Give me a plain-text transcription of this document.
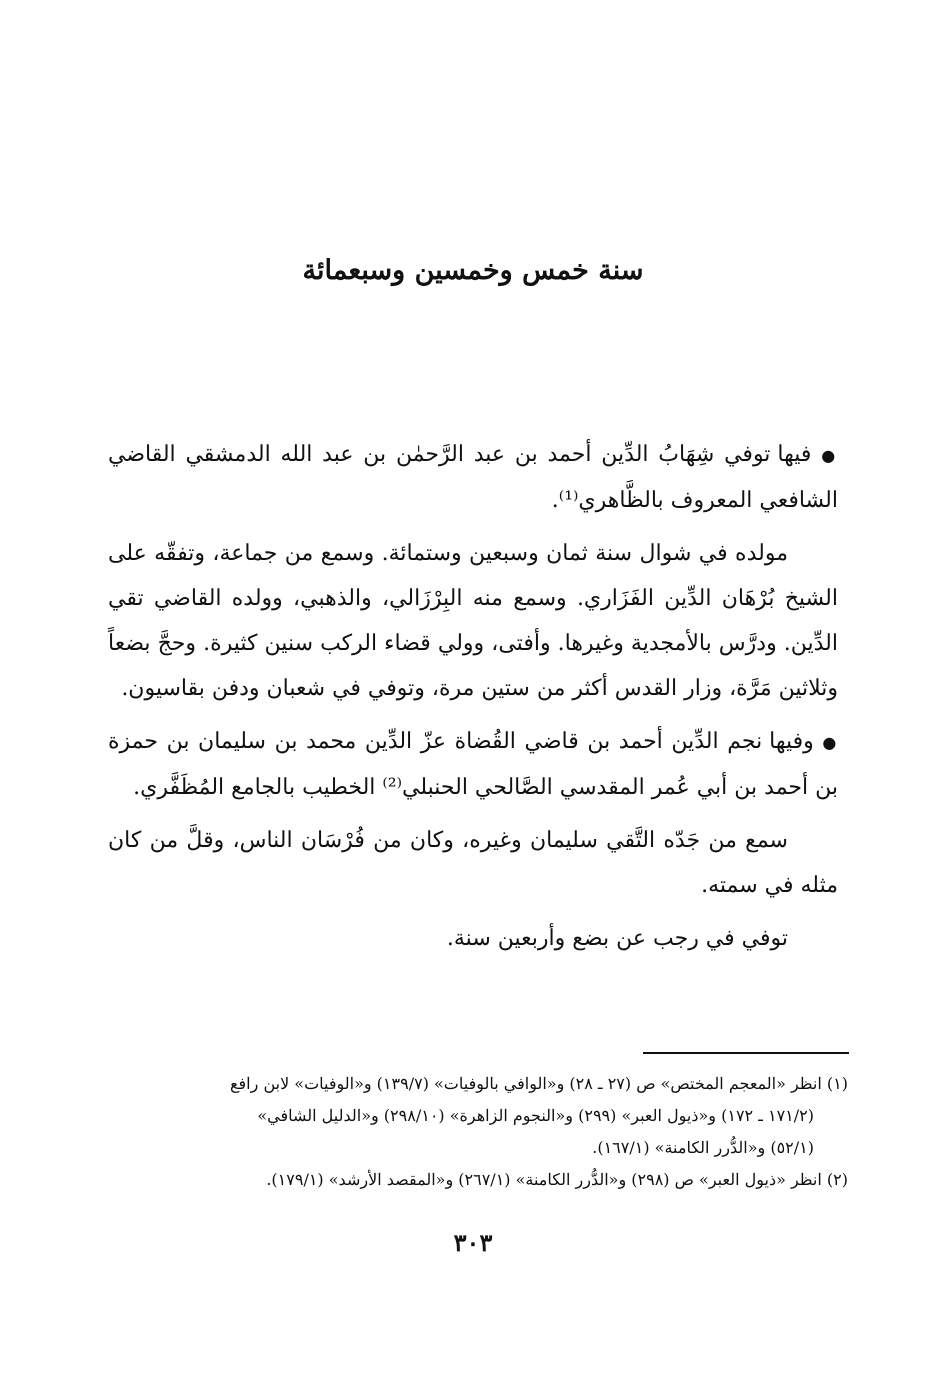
سنة خمس وخمسين وسبعمائة

● فيها توفي شِهَابُ الدِّين أحمد بن عبد الرَّحمٰن بن عبد الله الدمشقي القاضي الشافعي المعروف بالظَّاهري⁽¹⁾.

مولده في شوال سنة ثمان وسبعين وستمائة. وسمع من جماعة، وتفقّه على الشيخ بُرْهَان الدِّين الفَزَاري. وسمع منه البِرْزَالي، والذهبي، وولده القاضي تقي الدِّين. ودرَّس بالأمجدية وغيرها. وأفتى، وولي قضاء الركب سنين كثيرة. وحجَّ بضعاً وثلاثين مَرَّة، وزار القدس أكثر من ستين مرة، وتوفي في شعبان ودفن بقاسيون.

● وفيها نجم الدِّين أحمد بن قاضي القُضاة عزّ الدِّين محمد بن سليمان بن حمزة بن أحمد بن أبي عُمر المقدسي الصَّالحي الحنبلي⁽²⁾ الخطيب بالجامع المُظَفَّري.

سمع من جَدّه التَّقي سليمان وغيره، وكان من فُرْسَان الناس، وقلَّ من كان مثله في سمته.

توفي في رجب عن بضع وأربعين سنة.

(١) انظر «المعجم المختص» ص (٢٧ ـ ٢٨) و«الوافي بالوفيات» (١٣٩/٧) و«الوفيات» لابن رافع

(١٧١/٢ ـ ١٧٢) و«ذيول العبر» (٢٩٩) و«النجوم الزاهرة» (٢٩٨/١٠) و«الدليل الشافي»

(٥٢/١) و«الدُّرر الكامنة» (١٦٧/١).

(٢) انظر «ذيول العبر» ص (٢٩٨) و«الدُّرر الكامنة» (٢٦٧/١) و«المقصد الأرشد» (١٧٩/١).

٣٠٣
